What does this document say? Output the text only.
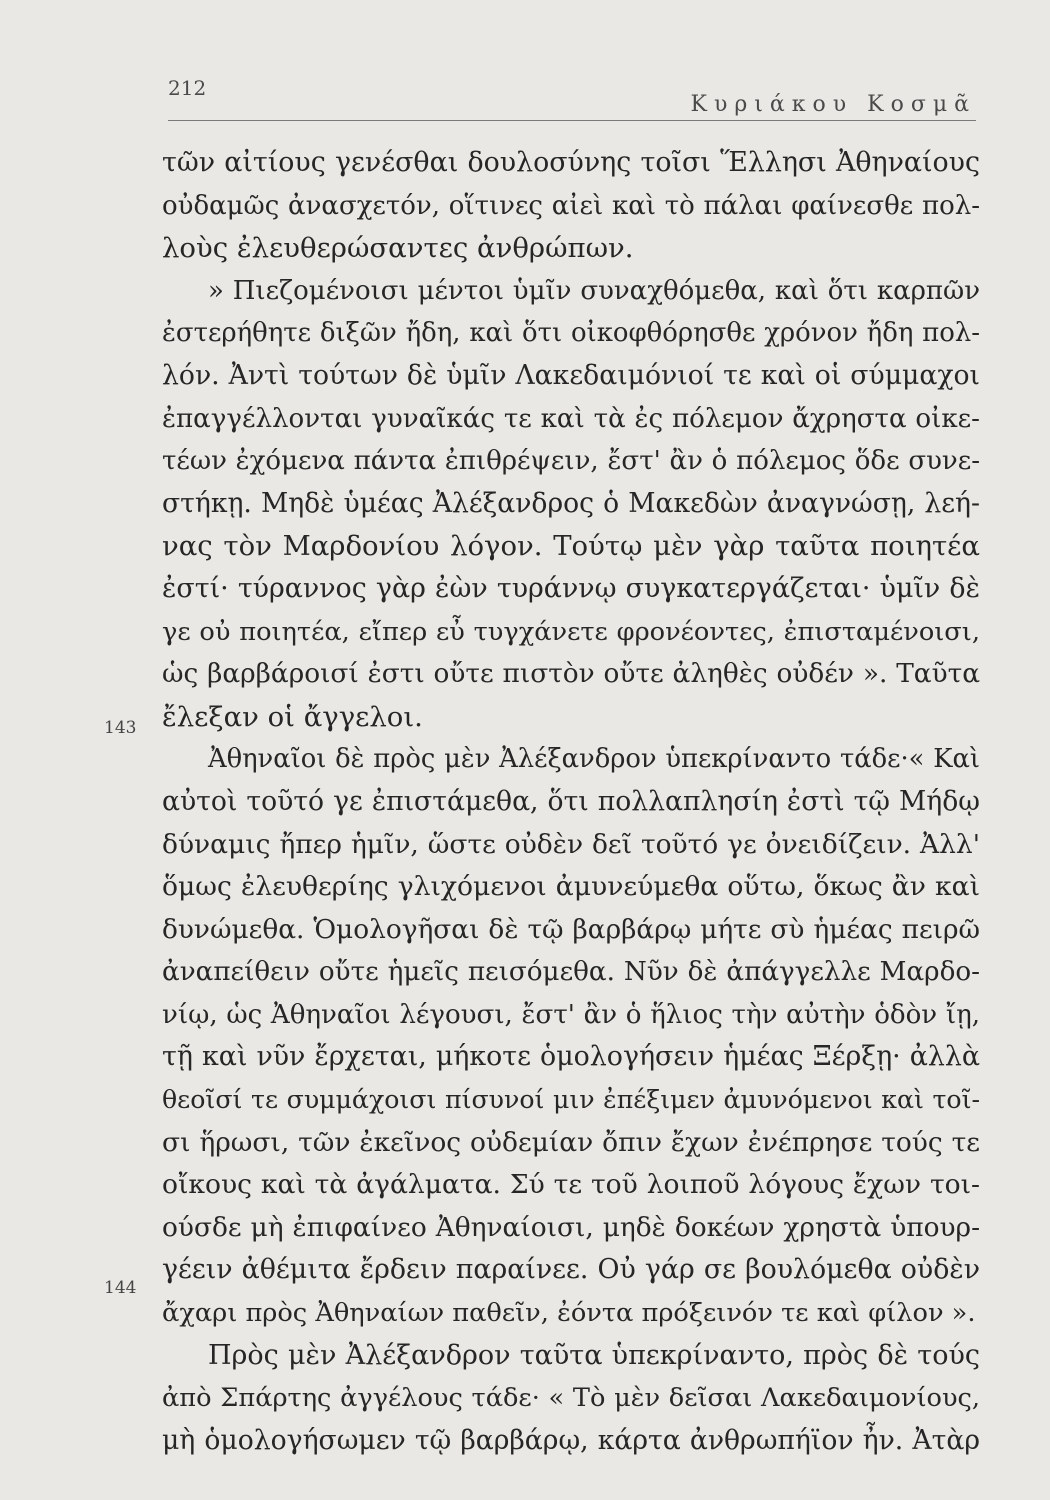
212
Κυριάκου Κοσμᾶ
143
144
τῶν αἰτίους γενέσθαι δουλοσύνης τοῖσι Ἕλλησι Ἀθηναίους
οὐδαμῶς ἀνασχετόν, οἵτινες αἰεὶ καὶ τὸ πάλαι φαίνεσθε πολ-
λοὺς ἐλευθερώσαντες ἀνθρώπων.
» Πιεζομένοισι μέντοι ὑμῖν συναχθόμεθα, καὶ ὅτι καρπῶν
ἐστερήθητε διξῶν ἤδη, καὶ ὅτι οἰκοφθόρησθε χρόνον ἤδη πολ-
λόν. Ἀντὶ τούτων δὲ ὑμῖν Λακεδαιμόνιοί τε καὶ οἱ σύμμαχοι
ἐπαγγέλλονται γυναῖκάς τε καὶ τὰ ἐς πόλεμον ἄχρηστα οἰκε-
τέων ἐχόμενα πάντα ἐπιθρέψειν, ἔστ' ἂν ὁ πόλεμος ὅδε συνε-
στήκῃ. Μηδὲ ὑμέας Ἀλέξανδρος ὁ Μακεδὼν ἀναγνώσῃ, λεή-
νας τὸν Μαρδονίου λόγον. Τούτῳ μὲν γὰρ ταῦτα ποιητέα
ἐστί· τύραννος γὰρ ἐὼν τυράννῳ συγκατεργάζεται· ὑμῖν δὲ
γε οὐ ποιητέα, εἴπερ εὖ τυγχάνετε φρονέοντες, ἐπισταμένοισι,
ὡς βαρβάροισί ἐστι οὔτε πιστὸν οὔτε ἀληθὲς οὐδέν ». Ταῦτα
ἔλεξαν οἱ ἄγγελοι.
Ἀθηναῖοι δὲ πρὸς μὲν Ἀλέξανδρον ὑπεκρίναντο τάδε·« Καὶ
αὐτοὶ τοῦτό γε ἐπιστάμεθα, ὅτι πολλαπλησίη ἐστὶ τῷ Μήδῳ
δύναμις ἤπερ ἡμῖν, ὥστε οὐδὲν δεῖ τοῦτό γε ὀνειδίζειν. Ἀλλ'
ὅμως ἐλευθερίης γλιχόμενοι ἀμυνεύμεθα οὕτω, ὅκως ἂν καὶ
δυνώμεθα. Ὁμολογῆσαι δὲ τῷ βαρβάρῳ μήτε σὺ ἡμέας πειρῶ
ἀναπείθειν οὔτε ἡμεῖς πεισόμεθα. Νῦν δὲ ἀπάγγελλε Μαρδο-
νίῳ, ὡς Ἀθηναῖοι λέγουσι, ἔστ' ἂν ὁ ἥλιος τὴν αὐτὴν ὁδὸν ἴῃ,
τῇ καὶ νῦν ἔρχεται, μήκοτε ὁμολογήσειν ἡμέας Ξέρξῃ· ἀλλὰ
θεοῖσί τε συμμάχοισι πίσυνοί μιν ἐπέξιμεν ἀμυνόμενοι καὶ τοῖ-
σι ἥρωσι, τῶν ἐκεῖνος οὐδεμίαν ὄπιν ἔχων ἐνέπρησε τούς τε
οἴκους καὶ τὰ ἀγάλματα. Σύ τε τοῦ λοιποῦ λόγους ἔχων τοι-
ούσδε μὴ ἐπιφαίνεο Ἀθηναίοισι, μηδὲ δοκέων χρηστὰ ὑπουρ-
γέειν ἀθέμιτα ἔρδειν παραίνεε. Οὐ γάρ σε βουλόμεθα οὐδὲν
ἄχαρι πρὸς Ἀθηναίων παθεῖν, ἐόντα πρόξεινόν τε καὶ φίλον ».
Πρὸς μὲν Ἀλέξανδρον ταῦτα ὑπεκρίναντο, πρὸς δὲ τούς
ἀπὸ Σπάρτης ἀγγέλους τάδε· « Τὸ μὲν δεῖσαι Λακεδαιμονίους,
μὴ ὁμολογήσωμεν τῷ βαρβάρῳ, κάρτα ἀνθρωπήϊον ἦν. Ἀτὰρ
